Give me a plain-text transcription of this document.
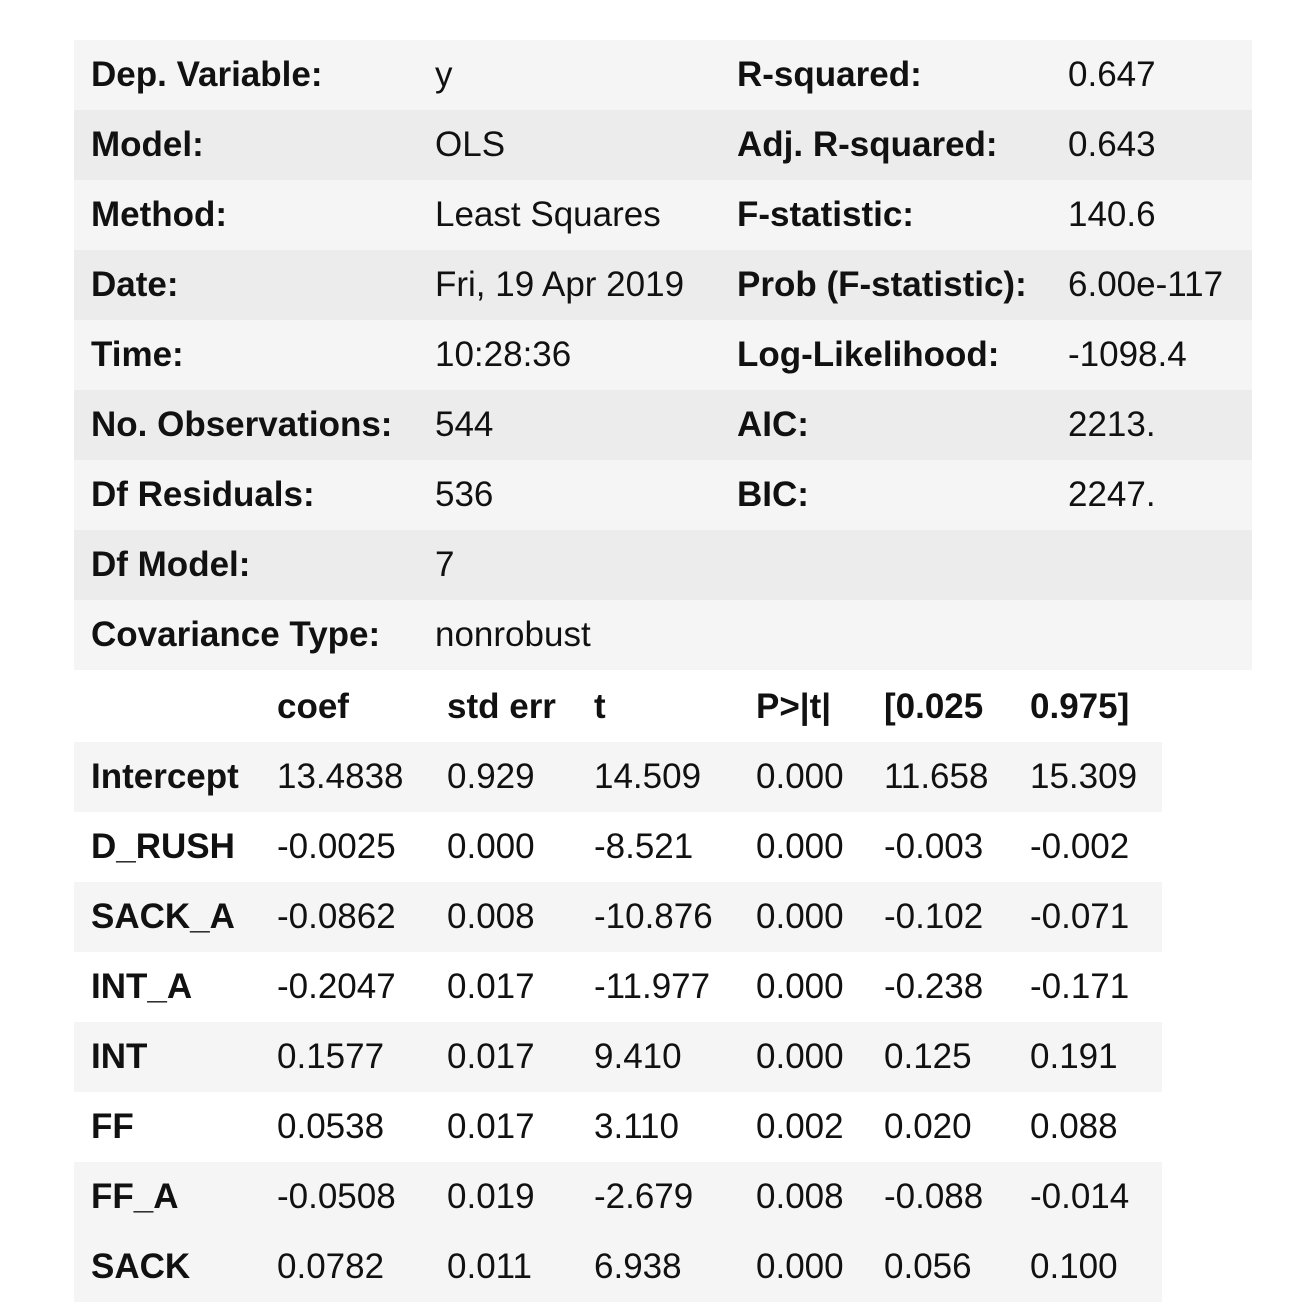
Dep. Variable:	y	R-squared:	0.647
Model:	OLS	Adj. R-squared:	0.643
Method:	Least Squares	F-statistic:	140.6
Date:	Fri, 19 Apr 2019	Prob (F-statistic):	6.00e-117
Time:	10:28:36	Log-Likelihood:	-1098.4
No. Observations:	544	AIC:	2213.
Df Residuals:	536	BIC:	2247.
Df Model:	7		
Covariance Type:	nonrobust		
	coef	std err	t	P>|t|	[0.025	0.975]
Intercept	13.4838	0.929	14.509	0.000	11.658	15.309
D_RUSH	-0.0025	0.000	-8.521	0.000	-0.003	-0.002
SACK_A	-0.0862	0.008	-10.876	0.000	-0.102	-0.071
INT_A	-0.2047	0.017	-11.977	0.000	-0.238	-0.171
INT	0.1577	0.017	9.410	0.000	0.125	0.191
FF	0.0538	0.017	3.110	0.002	0.020	0.088
FF_A	-0.0508	0.019	-2.679	0.008	-0.088	-0.014
SACK	0.0782	0.011	6.938	0.000	0.056	0.100
